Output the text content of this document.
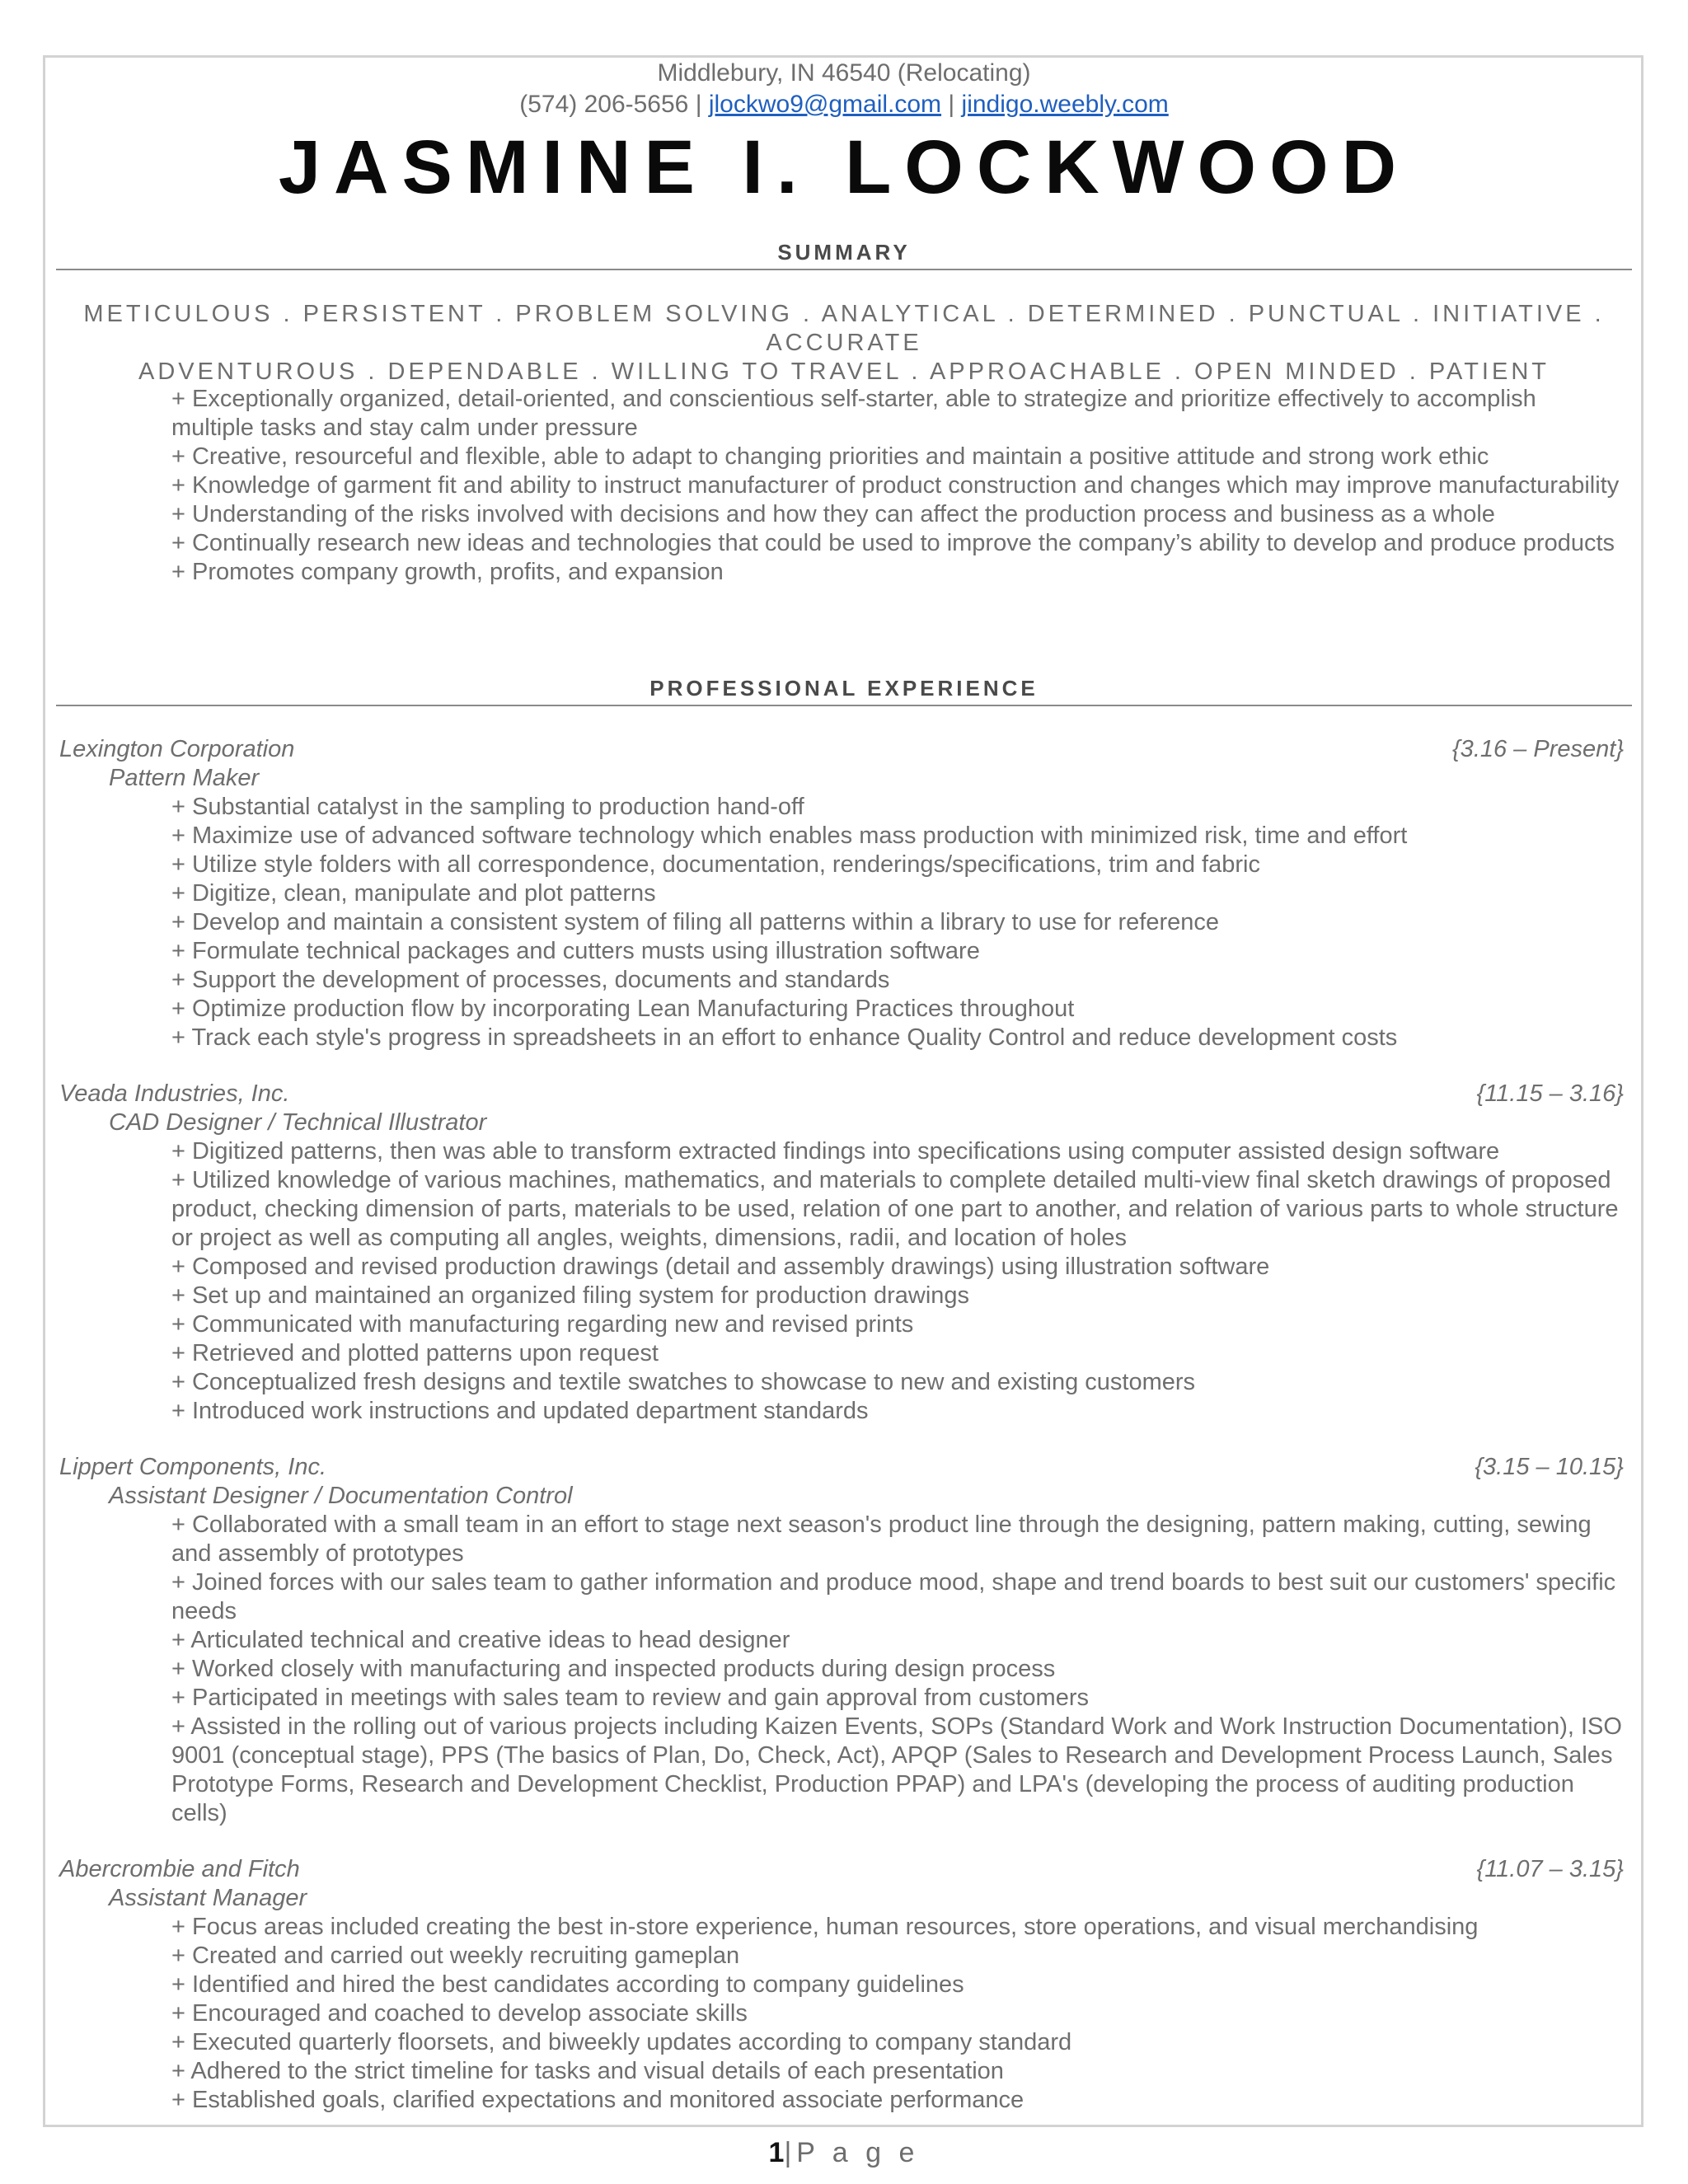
Middlebury, IN 46540 (Relocating)
(574) 206-5656 | jlockwo9@gmail.com | jindigo.weebly.com
JASMINE I. LOCKWOOD
SUMMARY
METICULOUS . PERSISTENT . PROBLEM SOLVING . ANALYTICAL . DETERMINED . PUNCTUAL . INITIATIVE . ACCURATE
ADVENTUROUS . DEPENDABLE . WILLING TO TRAVEL . APPROACHABLE . OPEN MINDED . PATIENT
+ Exceptionally organized, detail-oriented, and conscientious self-starter, able to strategize and prioritize effectively to accomplish multiple tasks and stay calm under pressure
+ Creative, resourceful and flexible, able to adapt to changing priorities and maintain a positive attitude and strong work ethic
+ Knowledge of garment fit and ability to instruct manufacturer of product construction and changes which may improve manufacturability
+ Understanding of the risks involved with decisions and how they can affect the production process and business as a whole
+ Continually research new ideas and technologies that could be used to improve the company’s ability to develop and produce products
+ Promotes company growth, profits, and expansion
PROFESSIONAL EXPERIENCE
Lexington Corporation	{3.16 – Present}
Pattern Maker
+ Substantial catalyst in the sampling to production hand-off
+ Maximize use of advanced software technology which enables mass production with minimized risk, time and effort
+ Utilize style folders with all correspondence, documentation, renderings/specifications, trim and fabric
+ Digitize, clean, manipulate and plot patterns
+ Develop and maintain a consistent system of filing all patterns within a library to use for reference
+ Formulate technical packages and cutters musts using illustration software
+ Support the development of processes, documents and standards
+ Optimize production flow by incorporating Lean Manufacturing Practices throughout
+ Track each style's progress in spreadsheets in an effort to enhance Quality Control and reduce development costs
Veada Industries, Inc.	{11.15 – 3.16}
CAD Designer / Technical Illustrator
+ Digitized patterns, then was able to transform extracted findings into specifications using computer assisted design software
+ Utilized knowledge of various machines, mathematics, and materials to complete detailed multi-view final sketch drawings of proposed product, checking dimension of parts, materials to be used, relation of one part to another, and relation of various parts to whole structure or project as well as computing all angles, weights, dimensions, radii, and location of holes
+ Composed and revised production drawings (detail and assembly drawings) using illustration software
+ Set up and maintained an organized filing system for production drawings
+ Communicated with manufacturing regarding new and revised prints
+ Retrieved and plotted patterns upon request
+ Conceptualized fresh designs and textile swatches to showcase to new and existing customers
+ Introduced work instructions and updated department standards
Lippert Components, Inc.	{3.15 – 10.15}
Assistant Designer / Documentation Control
+ Collaborated with a small team in an effort to stage next season's product line through the designing, pattern making, cutting, sewing and assembly of prototypes
+ Joined forces with our sales team to gather information and produce mood, shape and trend boards to best suit our customers' specific needs
+ Articulated technical and creative ideas to head designer
+ Worked closely with manufacturing and inspected products during design process
+ Participated in meetings with sales team to review and gain approval from customers
+ Assisted in the rolling out of various projects including Kaizen Events, SOPs (Standard Work and Work Instruction Documentation), ISO 9001 (conceptual stage), PPS (The basics of Plan, Do, Check, Act), APQP (Sales to Research and Development Process Launch, Sales Prototype Forms, Research and Development Checklist, Production PPAP) and LPA's (developing the process of auditing production cells)
Abercrombie and Fitch	{11.07 – 3.15}
Assistant Manager
+ Focus areas included creating the best in-store experience, human resources, store operations, and visual merchandising
+ Created and carried out weekly recruiting gameplan
+ Identified and hired the best candidates according to company guidelines
+ Encouraged and coached to develop associate skills
+ Executed quarterly floorsets, and biweekly updates according to company standard
+ Adhered to the strict timeline for tasks and visual details of each presentation
+ Established goals, clarified expectations and monitored associate performance
1|P a g e
